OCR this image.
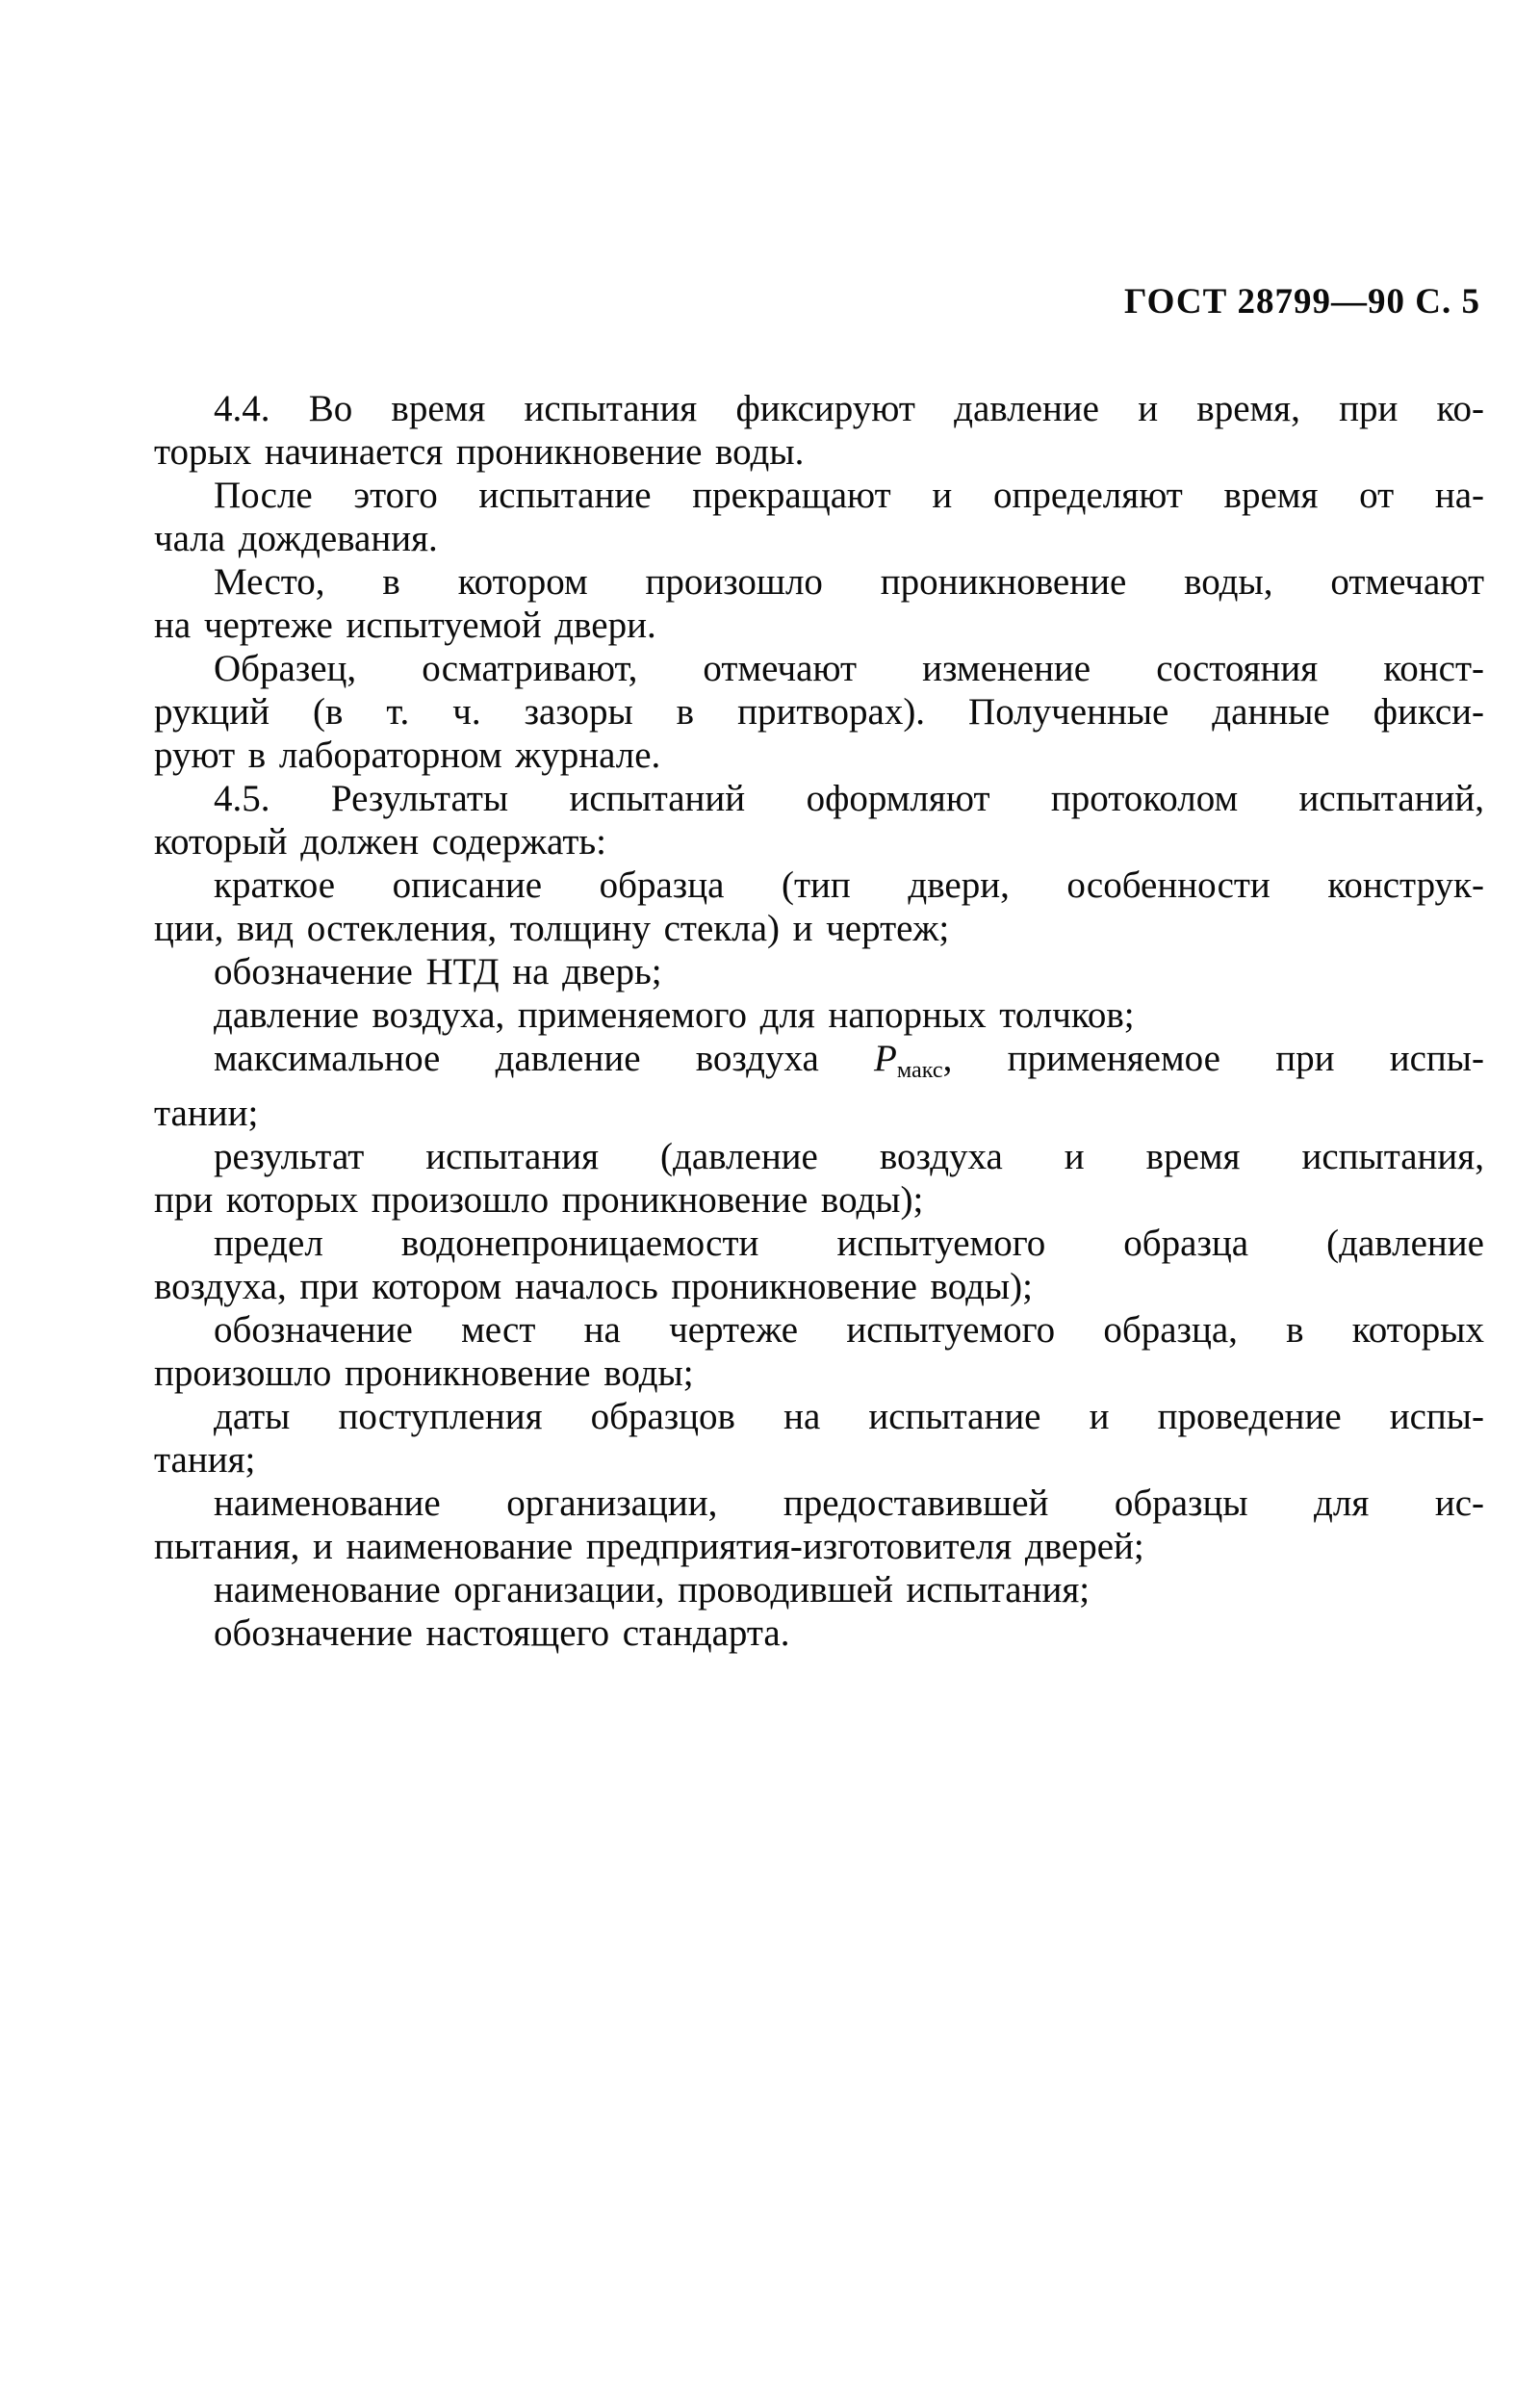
ГОСТ 28799—90 С. 5
4.4. Во время испытания фиксируют давление и время, при ко-
торых начинается проникновение воды.
После этого испытание прекращают и определяют время от на-
чала дождевания.
Место, в котором произошло проникновение воды, отмечают
на чертеже испытуемой двери.
Образец, осматривают, отмечают изменение состояния конст-
рукций (в т. ч. зазоры в притворах). Полученные данные фикси-
руют в лабораторном журнале.
4.5. Результаты испытаний оформляют протоколом испытаний,
который должен содержать:
краткое описание образца (тип двери, особенности конструк-
ции, вид остекления, толщину стекла) и чертеж;
обозначение НТД на дверь;
давление воздуха, применяемого для напорных толчков;
максимальное давление воздуха $Р_{макс}$, применяемое при испы-
тании;
результат испытания (давление воздуха и время испытания,
при которых произошло проникновение воды);
предел водонепроницаемости испытуемого образца (давление
воздуха, при котором началось проникновение воды);
обозначение мест на чертеже испытуемого образца, в которых
произошло проникновение воды;
даты поступления образцов на испытание и проведение испы-
тания;
наименование организации, предоставившей образцы для ис-
пытания, и наименование предприятия-изготовителя дверей;
наименование организации, проводившей испытания;
обозначение настоящего стандарта.
